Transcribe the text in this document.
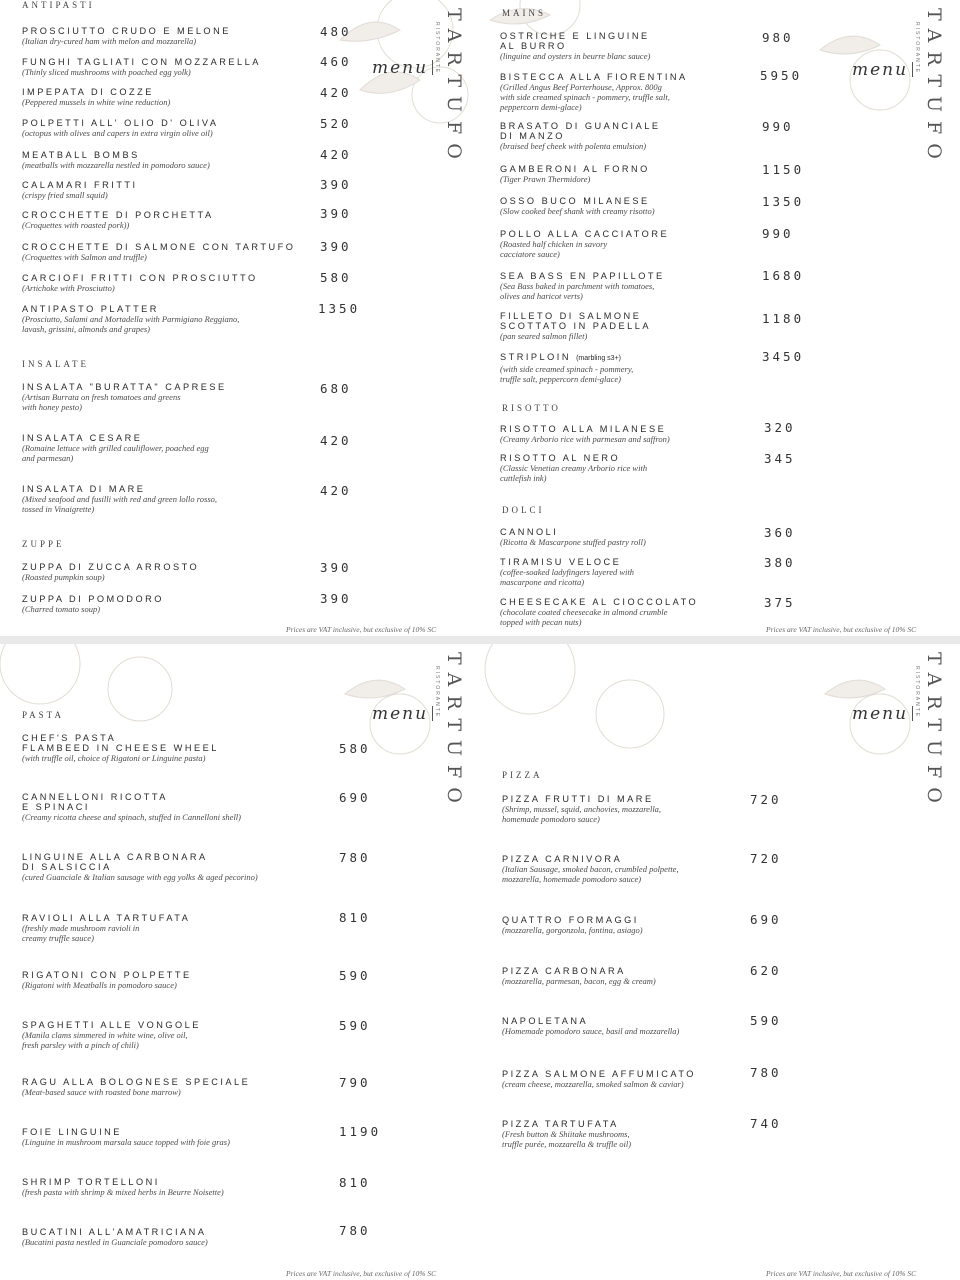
TARTUFO
RISTORANTE
menu
ANTIPASTI
PROSCIUTTO CRUDO E MELONE
(Italian dry-cured ham with melon and mozzarella)
480
FUNGHI TAGLIATI CON MOZZARELLA
(Thinly sliced mushrooms with poached egg yolk)
460
IMPEPATA DI COZZE
(Peppered mussels in white wine reduction)
420
POLPETTI ALL' OLIO D' OLIVA
(octopus with olives and capers in extra virgin olive oil)
520
MEATBALL BOMBS
(meatballs with mozzarella nestled in pomodoro sauce)
420
CALAMARI FRITTI
(crispy fried small squid)
390
CROCCHETTE DI PORCHETTA
(Croquettes with roasted pork))
390
CROCCHETTE DI SALMONE CON TARTUFO
(Croquettes with Salmon and truffle)
390
CARCIOFI FRITTI CON PROSCIUTTO
(Artichoke with Prosciutto)
580
ANTIPASTO PLATTER
(Prosciutto, Salami and Mortadella with Parmigiano Reggiano,
lavash, grissini, almonds and grapes)
1350
INSALATE
INSALATA "BURATTA" CAPRESE
(Artisan Burrata on fresh tomatoes and greens
with honey pesto)
680
INSALATA CESARE
(Romaine lettuce with grilled cauliflower, poached egg
and parmesan)
420
INSALATA DI MARE
(Mixed seafood and fusilli with red and green lollo rosso,
tossed in Vinaigrette)
420
ZUPPE
ZUPPA DI ZUCCA ARROSTO
(Roasted pumpkin soup)
390
ZUPPA DI POMODORO
(Charred tomato soup)
390
Prices are VAT inclusive, but exclusive of 10% SC
TARTUFO
RISTORANTE
menu
MAINS
OSTRICHE E LINGUINE
AL BURRO
(linguine and oysters in beurre blanc sauce)
980
BISTECCA ALLA FIORENTINA
(Grilled Angus Beef Porterhouse, Approx. 800g
with side creamed spinach - pommery, truffle salt,
peppercorn demi-glace)
5950
BRASATO DI GUANCIALE
DI MANZO
(braised beef cheek with polenta emulsion)
990
GAMBERONI AL FORNO
(Tiger Prawn Thermidore)
1150
OSSO BUCO MILANESE
(Slow cooked beef shank with creamy risotto)
1350
POLLO ALLA CACCIATORE
(Roasted half chicken in savory
cacciatore sauce)
990
SEA BASS EN PAPILLOTE
(Sea Bass baked in parchment with tomatoes,
olives and haricot verts)
1680
FILLETO DI SALMONE
SCOTTATO IN PADELLA
(pan seared salmon fillet)
1180
STRIPLOIN (marbling s3+)
(with side creamed spinach - pommery,
truffle salt, peppercorn demi-glace)
3450
RISOTTO
RISOTTO ALLA MILANESE
(Creamy Arborio rice with parmesan and saffron)
320
RISOTTO AL NERO
(Classic Venetian creamy Arborio rice with
cuttlefish ink)
345
DOLCI
CANNOLI
(Ricotta & Mascarpone stuffed pastry roll)
360
TIRAMISU VELOCE
(coffee-soaked ladyfingers layered with
mascarpone and ricotta)
380
CHEESECAKE AL CIOCCOLATO
(chocolate coated cheesecake in almond crumble
topped with pecan nuts)
375
Prices are VAT inclusive, but exclusive of 10% SC
TARTUFO
RISTORANTE
menu
PASTA
CHEF'S PASTA
FLAMBEED IN CHEESE WHEEL
(with truffle oil, choice of Rigatoni or Linguine pasta)
580
CANNELLONI RICOTTA
E SPINACI
(Creamy ricotta cheese and spinach, stuffed in Cannelloni shell)
690
LINGUINE ALLA CARBONARA
DI SALSICCIA
(cured Guanciale & Italian sausage with egg yolks & aged pecorino)
780
RAVIOLI ALLA TARTUFATA
(freshly made mushroom ravioli in
creamy truffle sauce)
810
RIGATONI CON POLPETTE
(Rigatoni with Meatballs in pomodoro sauce)
590
SPAGHETTI ALLE VONGOLE
(Manila clams simmered in white wine, olive oil,
fresh parsley with a pinch of chili)
590
RAGU ALLA BOLOGNESE SPECIALE
(Meat-based sauce with roasted bone marrow)
790
FOIE LINGUINE
(Linguine in mushroom marsala sauce topped with foie gras)
1190
SHRIMP TORTELLONI
(fresh pasta with shrimp & mixed herbs in Beurre Noisette)
810
BUCATINI ALL'AMATRICIANA
(Bucatini pasta nestled in Guanciale pomodoro sauce)
780
Prices are VAT inclusive, but exclusive of 10% SC
TARTUFO
RISTORANTE
menu
PIZZA
PIZZA FRUTTI DI MARE
(Shrimp, mussel, squid, anchovies, mozzarella,
homemade pomodoro sauce)
720
PIZZA CARNIVORA
(Italian Sausage, smoked bacon, crumbled polpette,
mozzarella, homemade pomodoro sauce)
720
QUATTRO FORMAGGI
(mozzarella, gorgonzola, fontina, asiago)
690
PIZZA CARBONARA
(mozzarella, parmesan, bacon, egg & cream)
620
NAPOLETANA
(Homemade pomodoro sauce, basil and mozzarella)
590
PIZZA SALMONE AFFUMICATO
(cream cheese, mozzarella, smoked salmon & caviar)
780
PIZZA TARTUFATA
(Fresh button & Shiitake mushrooms,
truffle purée, mozzarella & truffle oil)
740
Prices are VAT inclusive, but exclusive of 10% SC
